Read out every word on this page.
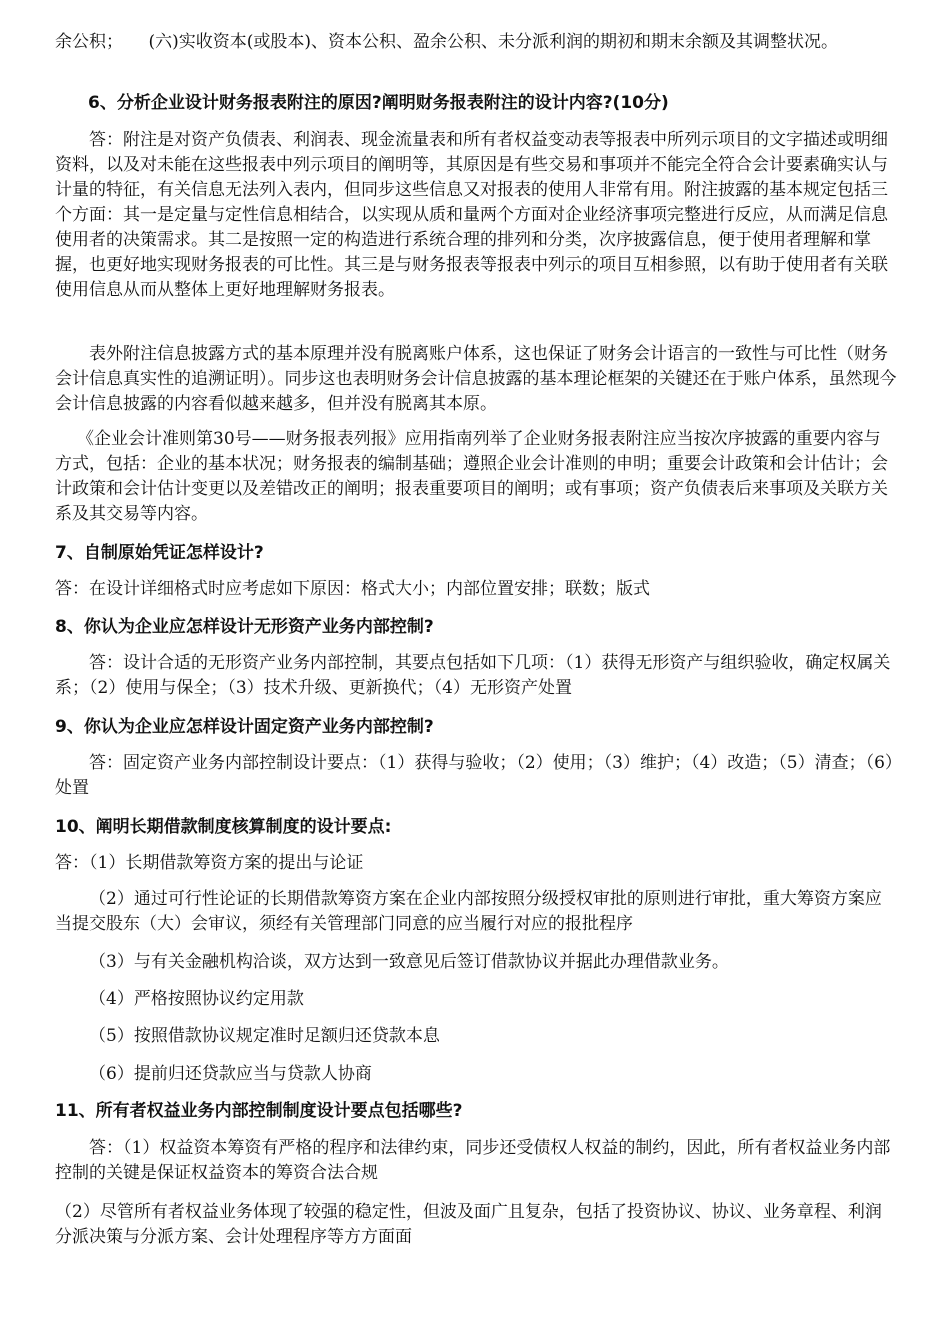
余公积；　　(六)实收资本(或股本)、资本公积、盈余公积、未分派利润的期初和期末余额及其调整状况。

6、分析企业设计财务报表附注的原因?阐明财务报表附注的设计内容?(10分)

答：附注是对资产负债表、利润表、现金流量表和所有者权益变动表等报表中所列示项目的文字描述或明细资料，以及对未能在这些报表中列示项目的阐明等，其原因是有些交易和事项并不能完全符合会计要素确实认与计量的特征，有关信息无法列入表内，但同步这些信息又对报表的使用人非常有用。附注披露的基本规定包括三个方面：其一是定量与定性信息相结合，以实现从质和量两个方面对企业经济事项完整进行反应，从而满足信息使用者的决策需求。其二是按照一定的构造进行系统合理的排列和分类，次序披露信息，便于使用者理解和掌握，也更好地实现财务报表的可比性。其三是与财务报表等报表中列示的项目互相参照，以有助于使用者有关联使用信息从而从整体上更好地理解财务报表。

表外附注信息披露方式的基本原理并没有脱离账户体系，这也保证了财务会计语言的一致性与可比性（财务会计信息真实性的追溯证明）。同步这也表明财务会计信息披露的基本理论框架的关键还在于账户体系，虽然现今会计信息披露的内容看似越来越多，但并没有脱离其本原。

《企业会计准则第30号——财务报表列报》应用指南列举了企业财务报表附注应当按次序披露的重要内容与方式，包括：企业的基本状况；财务报表的编制基础；遵照企业会计准则的申明；重要会计政策和会计估计；会计政策和会计估计变更以及差错改正的阐明；报表重要项目的阐明；或有事项；资产负债表后来事项及关联方关系及其交易等内容。

7、自制原始凭证怎样设计?

答：在设计详细格式时应考虑如下原因：格式大小；内部位置安排；联数；版式

8、你认为企业应怎样设计无形资产业务内部控制?

答：设计合适的无形资产业务内部控制，其要点包括如下几项：（1）获得无形资产与组织验收，确定权属关系；（2）使用与保全；（3）技术升级、更新换代；（4）无形资产处置

9、你认为企业应怎样设计固定资产业务内部控制?

答：固定资产业务内部控制设计要点：（1）获得与验收；（2）使用；（3）维护；（4）改造；（5）清查；（6）处置

10、阐明长期借款制度核算制度的设计要点:

答：（1）长期借款筹资方案的提出与论证

（2）通过可行性论证的长期借款筹资方案在企业内部按照分级授权审批的原则进行审批，重大筹资方案应当提交股东（大）会审议，须经有关管理部门同意的应当履行对应的报批程序

（3）与有关金融机构洽谈，双方达到一致意见后签订借款协议并据此办理借款业务。

（4）严格按照协议约定用款

（5）按照借款协议规定准时足额归还贷款本息

（6）提前归还贷款应当与贷款人协商

11、所有者权益业务内部控制制度设计要点包括哪些?

答：（1）权益资本筹资有严格的程序和法律约束，同步还受债权人权益的制约，因此，所有者权益业务内部控制的关键是保证权益资本的筹资合法合规

（2）尽管所有者权益业务体现了较强的稳定性，但波及面广且复杂，包括了投资协议、协议、业务章程、利润分派决策与分派方案、会计处理程序等方方面面
